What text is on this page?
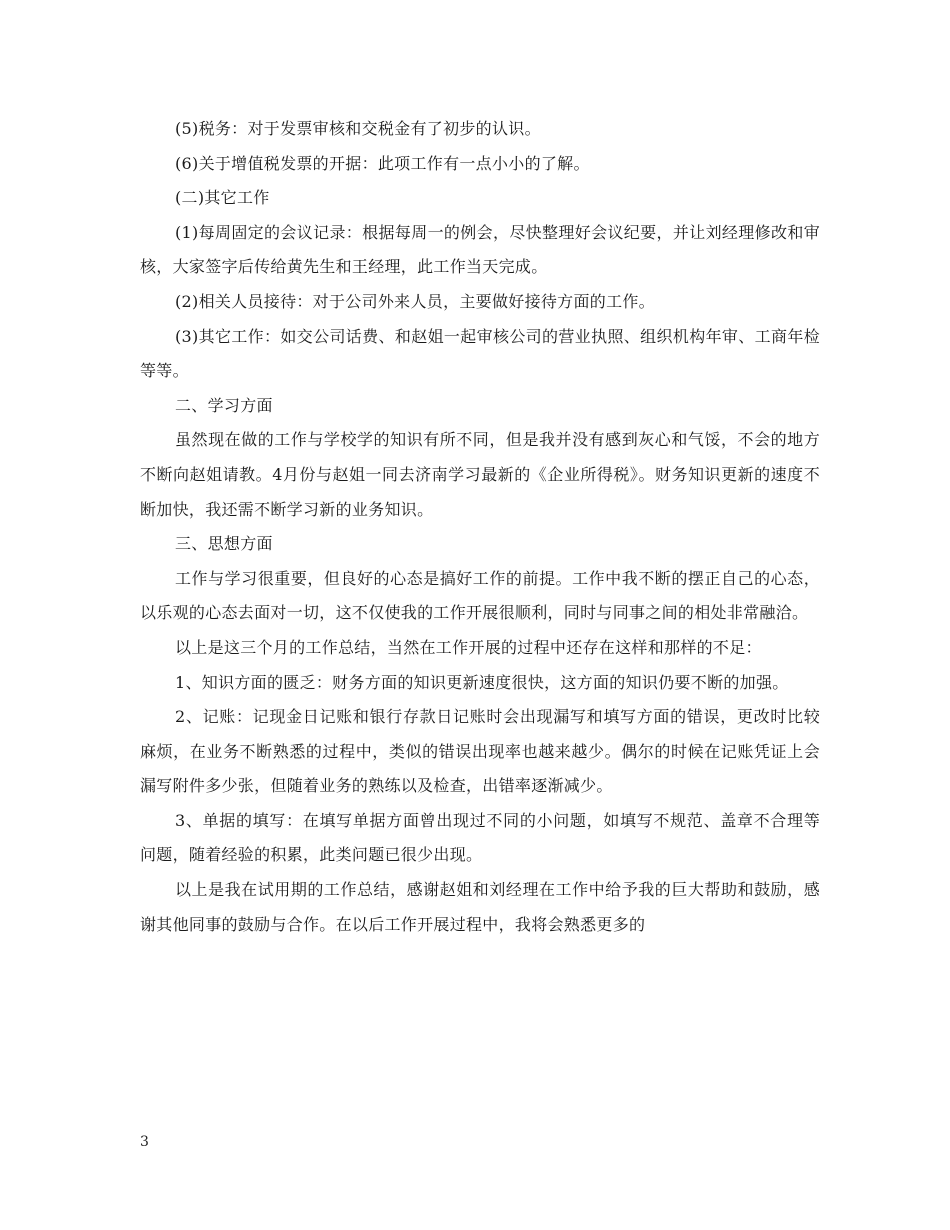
(5)税务：对于发票审核和交税金有了初步的认识。

(6)关于增值税发票的开据：此项工作有一点小小的了解。

(二)其它工作

(1)每周固定的会议记录：根据每周一的例会，尽快整理好会议纪要，并让刘经理修改和审核，大家签字后传给黄先生和王经理，此工作当天完成。

(2)相关人员接待：对于公司外来人员，主要做好接待方面的工作。

(3)其它工作：如交公司话费、和赵姐一起审核公司的营业执照、组织机构年审、工商年检等等。

二、学习方面

虽然现在做的工作与学校学的知识有所不同，但是我并没有感到灰心和气馁，不会的地方不断向赵姐请教。4月份与赵姐一同去济南学习最新的《企业所得税》。财务知识更新的速度不断加快，我还需不断学习新的业务知识。

三、思想方面

工作与学习很重要，但良好的心态是搞好工作的前提。工作中我不断的摆正自己的心态，以乐观的心态去面对一切，这不仅使我的工作开展很顺利，同时与同事之间的相处非常融洽。

以上是这三个月的工作总结，当然在工作开展的过程中还存在这样和那样的不足：

1、知识方面的匮乏：财务方面的知识更新速度很快，这方面的知识仍要不断的加强。

2、记账：记现金日记账和银行存款日记账时会出现漏写和填写方面的错误，更改时比较麻烦，在业务不断熟悉的过程中，类似的错误出现率也越来越少。偶尔的时候在记账凭证上会漏写附件多少张，但随着业务的熟练以及检查，出错率逐渐减少。

3、单据的填写：在填写单据方面曾出现过不同的小问题，如填写不规范、盖章不合理等问题，随着经验的积累，此类问题已很少出现。

以上是我在试用期的工作总结，感谢赵姐和刘经理在工作中给予我的巨大帮助和鼓励，感谢其他同事的鼓励与合作。在以后工作开展过程中，我将会熟悉更多的

3
